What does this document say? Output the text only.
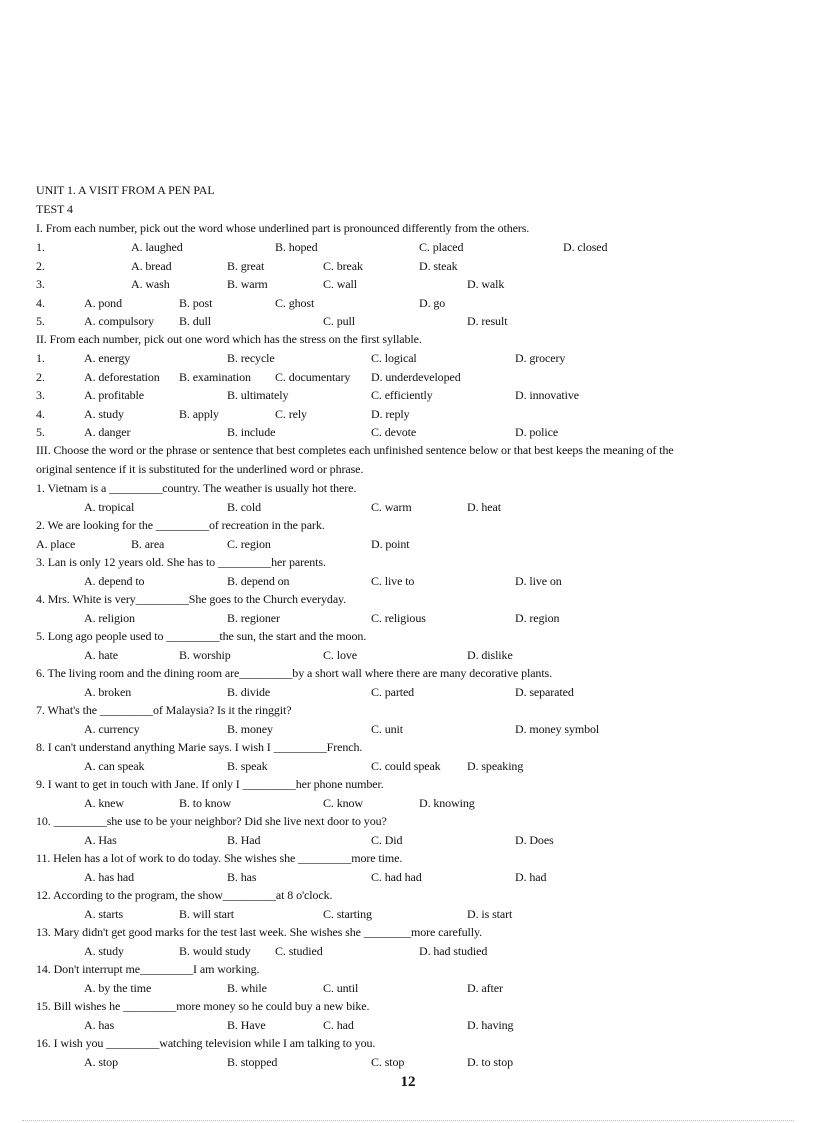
UNIT 1. A VISIT FROM A PEN PAL
TEST 4
I. From each number, pick out the word whose underlined part is pronounced differently from the others.
II. From each number, pick out one word which has the stress on the first syllable.
III. Choose the word or the phrase or sentence that best completes each unfinished sentence below or that best keeps the meaning of the
original sentence if it is substituted for the underlined word or phrase.
1.	A. laughed	B. hoped	C. placed	D. closed
2.	A. bread	B. great	C. break	D. steak
3.	A. wash	B. warm	C. wall	D. walk
4.	A. pond	B. post	C. ghost	D. go
5.	A. compulsory B. dull	C. pull	D. result
1.	A. energy	B. recycle	C. logical	D. grocery
2.	A. deforestation B. examination C. documentary D. underdeveloped
3.	A. profitable	B. ultimately	C. efficiently	D. innovative
4.	A. study	B. apply	C. rely	D. reply
5.	A. danger	B. include	C. devote	D. police
1. Vietnam is a _________country. The weather is usually hot there.
A. tropical	B. cold	C. warm	D. heat
2. We are looking for the _________of recreation in the park.
A. place	B. area	C. region	D. point
3. Lan is only 12 years old. She has to _________her parents.
A. depend to	B. depend on	C. live to	D. live on
4. Mrs. White is very_________She goes to the Church everyday.
A. religion	B. regioner	C. religious	D. region
5. Long ago people used to _________the sun, the start and the moon.
A. hate	B. worship	C. love	D. dislike
6. The living room and the dining room are_________by a short wall where there are many decorative plants.
A. broken	B. divide	C. parted	D. separated
7. What's the _________of Malaysia? Is it the ringgit?
A. currency	B. money	C. unit	D. money symbol
8. I can't understand anything Marie says. I wish I _________French.
A. can speak	B. speak	C. could speak D. speaking
9. I want to get in touch with Jane. If only I _________her phone number.
A. knew	B. to know	C. know	D. knowing
10. _________she use to be your neighbor? Did she live next door to you?
A. Has	B. Had	C. Did	D. Does
11. Helen has a lot of work to do today. She wishes she _________more time.
A. has had	B. has	C. had had	D. had
12. According to the program, the show_________at 8 o'clock.
A. starts	B. will start	C. starting	D. is start
13. Mary didn't get good marks for the test last week. She wishes she ________more carefully.
A. study	B. would study C. studied	D. had studied
14. Don't interrupt me_________I am working.
A. by the time	B. while	C. until	D. after
15. Bill wishes he _________more money so he could buy a new bike.
A. has	B. Have	C. had	D. having
16. I wish you _________watching television while I am talking to you.
A. stop	B. stopped	C. stop	D. to stop
12
